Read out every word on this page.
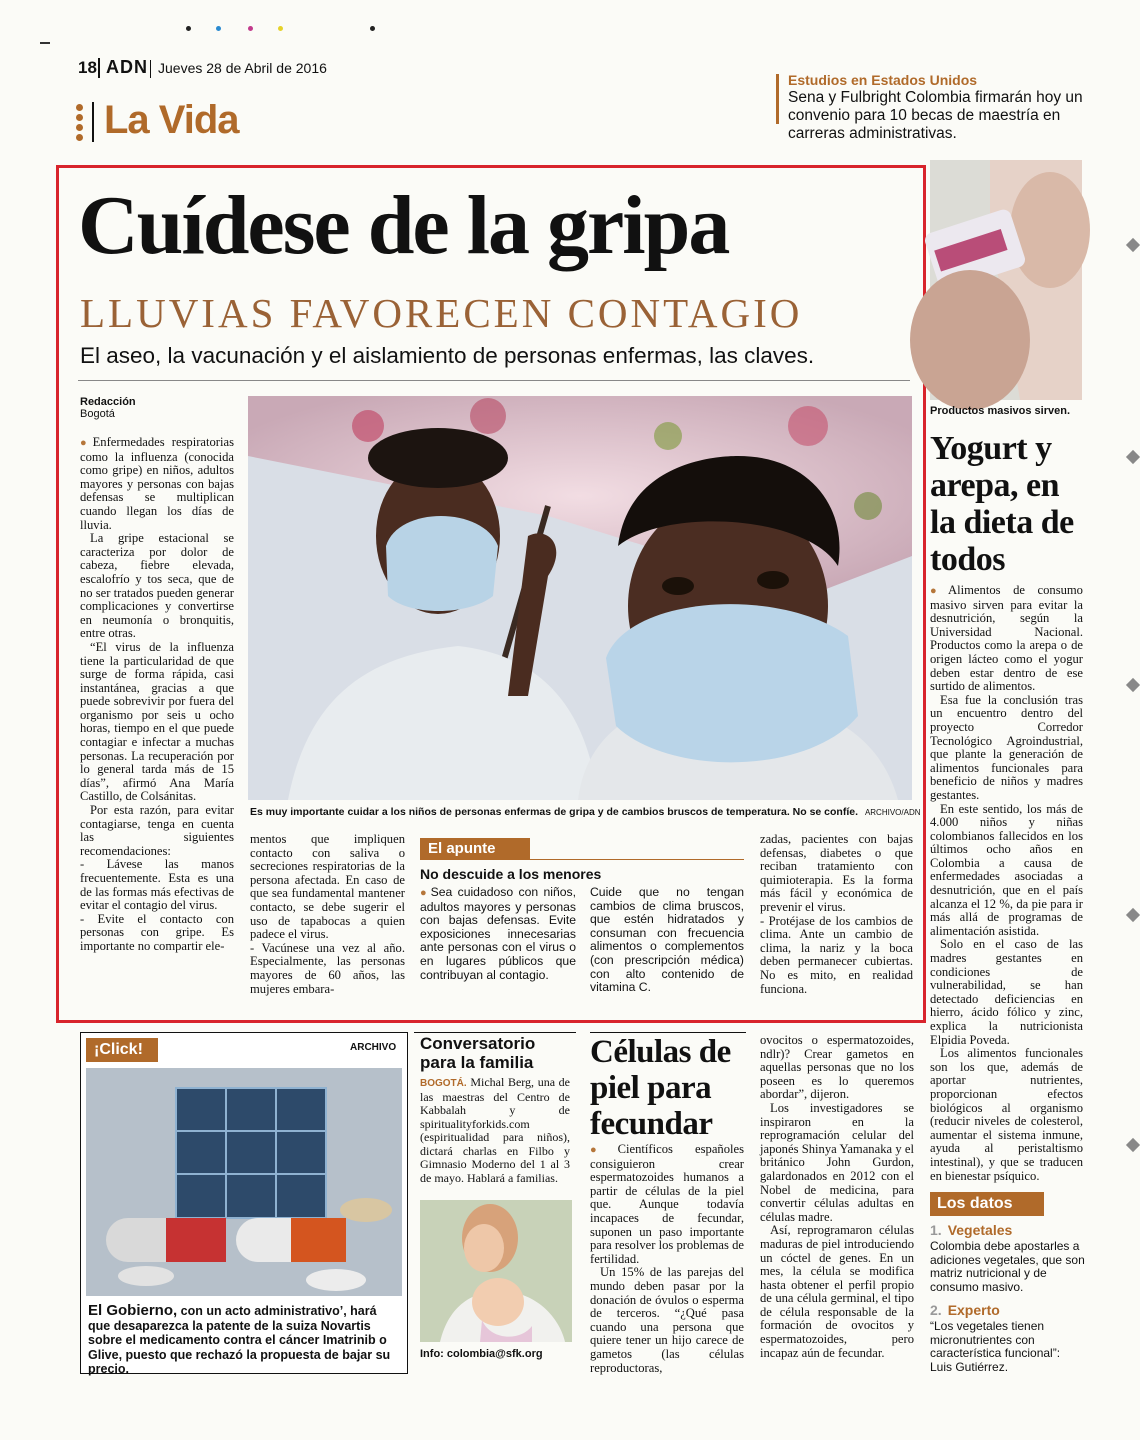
18 ADN Jueves 28 de Abril de 2016
La Vida
Estudios en Estados Unidos
Sena y Fulbright Colombia firmarán hoy un convenio para 10 becas de maestría en carreras administrativas.
Cuídese de la gripa
LLUVIAS FAVORECEN CONTAGIO
El aseo, la vacunación y el aislamiento de personas enfermas, las claves.
Redacción
Bogotá
Es muy importante cuidar a los niños de personas enfermas de gripa y de cambios bruscos de temperatura. No se confíe. ARCHIVO/ADN

● Enfermedades respiratorias como la influenza (conocida como gripe) en niños, adultos mayores y personas con bajas defensas se multiplican cuando llegan los días de lluvia.

La gripe estacional se caracteriza por dolor de cabeza, fiebre elevada, escalofrío y tos seca, que de no ser tratados pueden generar complicaciones y convertirse en neumonía o bronquitis, entre otras.

“El virus de la influenza tiene la particularidad de que surge de forma rápida, casi instantánea, gracias a que puede sobrevivir por fuera del organismo por seis u ocho horas, tiempo en el que puede contagiar e infectar a muchas personas. La recuperación por lo general tarda más de 15 días”, afirmó Ana María Castillo, de Colsánitas.

Por esta razón, para evitar contagiarse, tenga en cuenta las siguientes recomendaciones:

- Lávese las manos frecuentemente. Esta es una de las formas más efectivas de evitar el contagio del virus.

- Evite el contacto con personas con gripe. Es importante no compartir ele-

mentos que impliquen contacto con saliva o secreciones respiratorias de la persona afectada. En caso de que sea fundamental mantener contacto, se debe sugerir el uso de tapabocas a quien padece el virus.

- Vacúnese una vez al año. Especialmente, las personas mayores de 60 años, las mujeres embara-

El apunte
No descuide a los menores
● Sea cuidadoso con niños, adultos mayores y personas con bajas defensas. Evite exposiciones innecesarias ante personas con el virus o en lugares públicos que contribuyan al contagio.
Cuide que no tengan cambios de clima bruscos, que estén hidratados y consuman con frecuencia alimentos o complementos (con prescripción médica) con alto contenido de vitamina C.

zadas, pacientes con bajas defensas, diabetes o que reciban tratamiento con quimioterapia. Es la forma más fácil y económica de prevenir el virus.

- Protéjase de los cambios de clima. Ante un cambio de clima, la nariz y la boca deben permanecer cubiertas. No es mito, en realidad funciona.

Productos masivos sirven.
Yogurt y arepa, en la dieta de todos

● Alimentos de consumo masivo sirven para evitar la desnutrición, según la Universidad Nacional. Productos como la arepa o de origen lácteo como el yogur deben estar dentro de ese surtido de alimentos.

Esa fue la conclusión tras un encuentro dentro del proyecto Corredor Tecnológico Agroindustrial, que plante la generación de alimentos funcionales para beneficio de niños y madres gestantes.

En este sentido, los más de 4.000 niños y niñas colombianos fallecidos en los últimos ocho años en Colombia a causa de enfermedades asociadas a desnutrición, que en el país alcanza el 12 %, da pie para ir más allá de programas de alimentación asistida.

Solo en el caso de las madres gestantes en condiciones de vulnerabilidad, se han detectado deficiencias en hierro, ácido fólico y zinc, explica la nutricionista Elpidia Poveda.

Los alimentos funcionales son los que, además de aportar nutrientes, proporcionan efectos biológicos al organismo (reducir niveles de colesterol, aumentar el sistema inmune, ayuda al peristaltismo intestinal), y que se traducen en bienestar psíquico.

Los datos
1. Vegetales
Colombia debe apostarles a adiciones vegetales, que son matriz nutricional y de consumo masivo.
2. Experto
“Los vegetales tienen micronutrientes con característica funcional”: Luis Gutiérrez.
¡Click!	ARCHIVO
El Gobierno, con un acto administrativo’, hará que desaparezca la patente de la suiza Novartis sobre el medicamento contra el cáncer Imatrinib o Glive, puesto que rechazó la propuesta de bajar su precio.
Conversatorio para la familia
BOGOTÁ. Michal Berg, una de las maestras del Centro de Kabbalah y de spiritualityforkids.com (espiritualidad para niños), dictará charlas en Filbo y Gimnasio Moderno del 1 al 3 de mayo. Hablará a familias.
Info: colombia@sfk.org
Células de piel para fecundar

● Científicos españoles consiguieron crear espermatozoides humanos a partir de células de la piel que. Aunque todavía incapaces de fecundar, suponen un paso importante para resolver los problemas de fertilidad.

Un 15% de las parejas del mundo deben pasar por la donación de óvulos o esperma de terceros. “¿Qué pasa cuando una persona que quiere tener un hijo carece de gametos (las células reproductoras,

ovocitos o espermatozoides, ndlr)? Crear gametos en aquellas personas que no los poseen es lo queremos abordar”, dijeron.

Los investigadores se inspiraron en la reprogramación celular del japonés Shinya Yamanaka y el británico John Gurdon, galardonados en 2012 con el Nobel de medicina, para convertir células adultas en células madre.

Así, reprogramaron células maduras de piel introduciendo un cóctel de genes. En un mes, la célula se modifica hasta obtener el perfil propio de una célula germinal, el tipo de célula responsable de la formación de ovocitos y espermatozoides, pero incapaz aún de fecundar.
